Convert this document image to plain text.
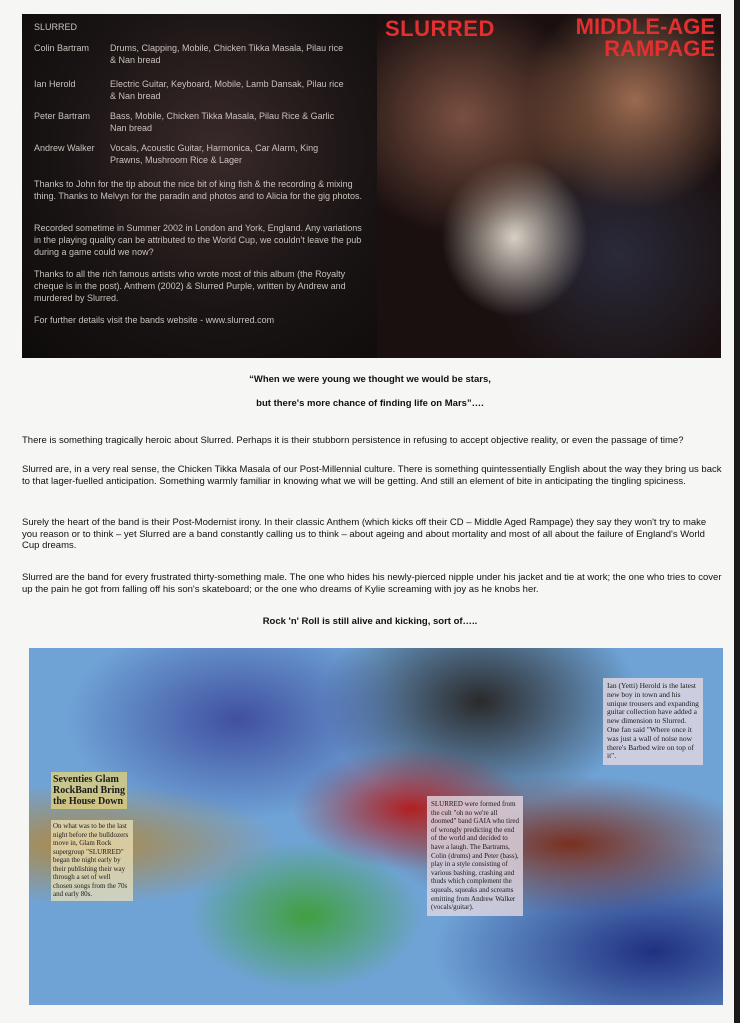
SLURRED	MIDDLE-AGE RAMPAGE
SLURRED
Colin Bartram	Drums, Clapping, Mobile, Chicken Tikka Masala, Pilau rice & Nan bread
Ian Herold	Electric Guitar, Keyboard, Mobile, Lamb Dansak, Pilau rice & Nan bread
Peter Bartram	Bass, Mobile, Chicken Tikka Masala, Pilau Rice & Garlic Nan bread
Andrew Walker	Vocals, Acoustic Guitar, Harmonica, Car Alarm, King Prawns, Mushroom Rice & Lager
Thanks to John for the tip about the nice bit of king fish & the recording & mixing thing. Thanks to Melvyn for the paradin and photos and to Alicia for the gig photos.
Recorded sometime in Summer 2002 in London and York, England. Any variations in the playing quality can be attributed to the World Cup, we couldn't leave the pub during a game could we now?
Thanks to all the rich famous artists who wrote most of this album (the Royalty cheque is in the post). Anthem (2002) & Slurred Purple, written by Andrew and murdered by Slurred.
For further details visit the bands website - www.slurred.com
“When we were young we thought we would be stars,
but there's more chance of finding life on Mars”….
There is something tragically heroic about Slurred. Perhaps it is their stubborn persistence in refusing to accept objective reality, or even the passage of time?
Slurred are, in a very real sense, the Chicken Tikka Masala of our Post-Millennial culture. There is something quintessentially English about the way they bring us back to that lager-fuelled anticipation. Something warmly familiar in knowing what we will be getting. And still an element of bite in anticipating the tingling spiciness.
Surely the heart of the band is their Post-Modernist irony. In their classic Anthem (which kicks off their CD – Middle Aged Rampage) they say they won't try to make you reason or to think – yet Slurred are a band constantly calling us to think – about ageing and about mortality and most of all about the failure of England's World Cup dreams.
Slurred are the band for every frustrated thirty-something male. The one who hides his newly-pierced nipple under his jacket and tie at work; the one who tries to cover up the pain he got from falling off his son's skateboard; or the one who dreams of Kylie screaming with joy as he knobs her.
Rock 'n' Roll is still alive and kicking, sort of…..
Seventies Glam RockBand Bring the House Down
On what was to be the last night before the bulldozers move in, Glam Rock supergroup "SLURRED" began the night early by their publishing their way through a set of well chosen songs from the 70s and early 80s.
SLURRED were formed from the cult "oh no we're all doomed" band GAIA who tired of wrongly predicting the end of the world and decided to have a laugh. The Bartrams, Colin (drums) and Peter (bass), play in a style consisting of various bashing, crashing and thuds which complement the squeals, squeaks and screams emitting from Andrew Walker (vocals/guitar).
Ian (Yetti) Herold is the latest new boy in town and his unique trousers and expanding guitar collection have added a new dimension to Slurred. One fan said "Where once it was just a wall of noise now there's Barbed wire on top of it".
